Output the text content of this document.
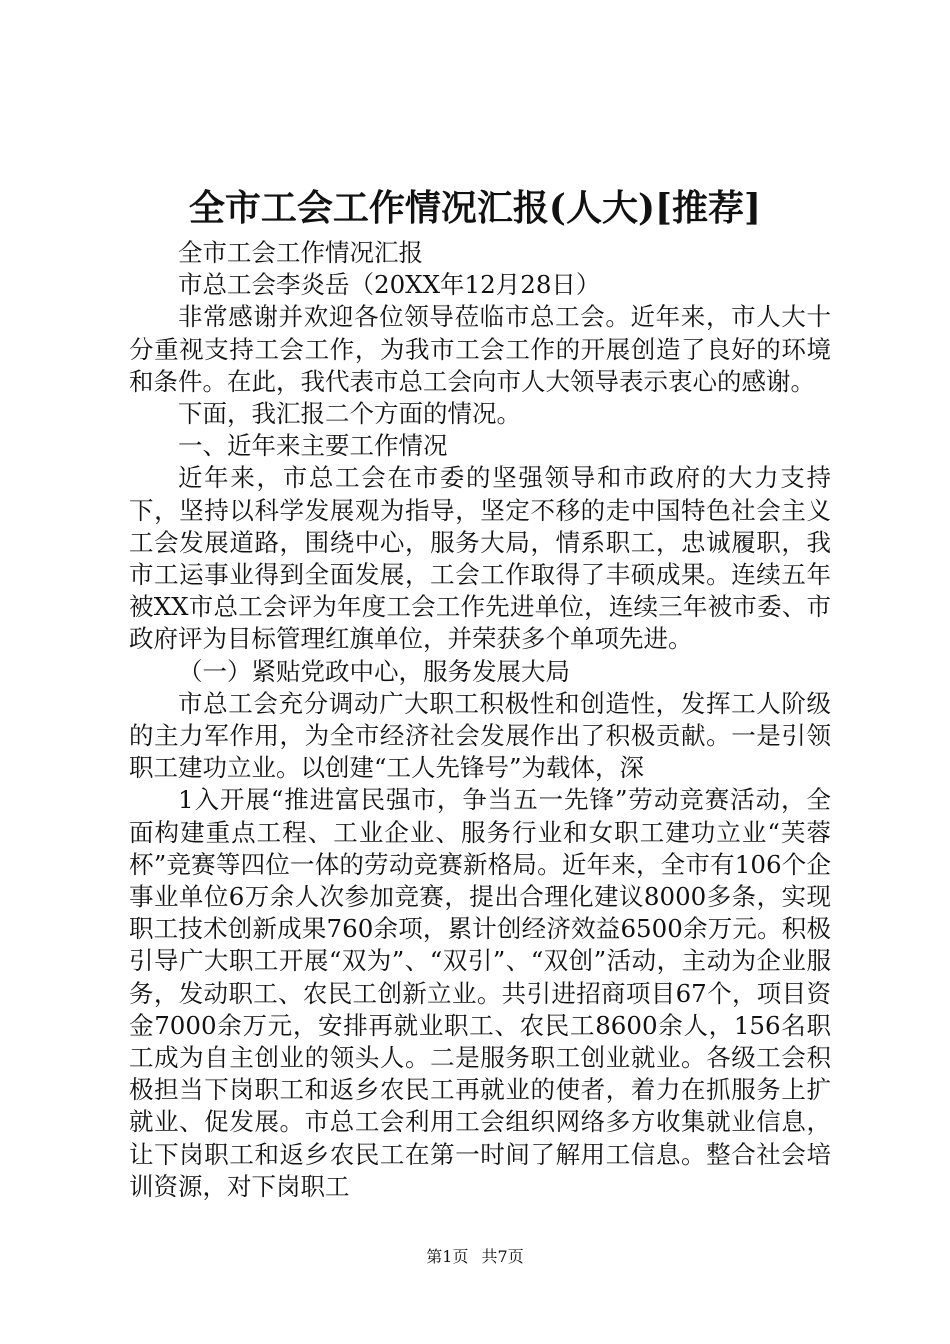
全市工会工作情况汇报(人大)[推荐]

全市工会工作情况汇报

市总工会李炎岳（20XX年12月28日）

非常感谢并欢迎各位领导莅临市总工会。近年来，市人大十分重视支持工会工作，为我市工会工作的开展创造了良好的环境和条件。在此，我代表市总工会向市人大领导表示衷心的感谢。

下面，我汇报二个方面的情况。

一、近年来主要工作情况

近年来，市总工会在市委的坚强领导和市政府的大力支持下，坚持以科学发展观为指导，坚定不移的走中国特色社会主义工会发展道路，围绕中心，服务大局，情系职工，忠诚履职，我市工运事业得到全面发展，工会工作取得了丰硕成果。连续五年被XX市总工会评为年度工会工作先进单位，连续三年被市委、市政府评为目标管理红旗单位，并荣获多个单项先进。

（一）紧贴党政中心，服务发展大局

市总工会充分调动广大职工积极性和创造性，发挥工人阶级的主力军作用，为全市经济社会发展作出了积极贡献。一是引领职工建功立业。以创建“工人先锋号”为载体，深

1入开展“推进富民强市，争当五一先锋”劳动竞赛活动，全面构建重点工程、工业企业、服务行业和女职工建功立业“芙蓉杯”竞赛等四位一体的劳动竞赛新格局。近年来，全市有106个企事业单位6万余人次参加竞赛，提出合理化建议8000多条，实现职工技术创新成果760余项，累计创经济效益6500余万元。积极引导广大职工开展“双为”、“双引”、“双创”活动，主动为企业服务，发动职工、农民工创新立业。共引进招商项目67个，项目资金7000余万元，安排再就业职工、农民工8600余人，156名职工成为自主创业的领头人。二是服务职工创业就业。各级工会积极担当下岗职工和返乡农民工再就业的使者，着力在抓服务上扩就业、促发展。市总工会利用工会组织网络多方收集就业信息，让下岗职工和返乡农民工在第一时间了解用工信息。整合社会培训资源，对下岗职工

第1页 共7页
